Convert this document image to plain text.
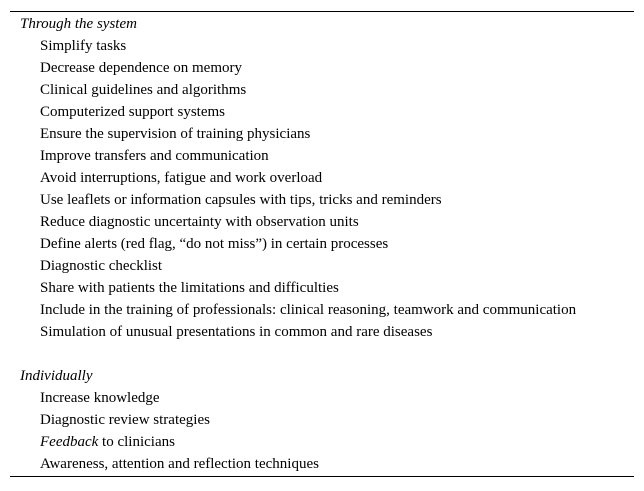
Through the system
Simplify tasks
Decrease dependence on memory
Clinical guidelines and algorithms
Computerized support systems
Ensure the supervision of training physicians
Improve transfers and communication
Avoid interruptions, fatigue and work overload
Use leaflets or information capsules with tips, tricks and reminders
Reduce diagnostic uncertainty with observation units
Define alerts (red flag, “do not miss”) in certain processes
Diagnostic checklist
Share with patients the limitations and difficulties
Include in the training of professionals: clinical reasoning, teamwork and communication
Simulation of unusual presentations in common and rare diseases
Individually
Increase knowledge
Diagnostic review strategies
Feedback to clinicians
Awareness, attention and reflection techniques
